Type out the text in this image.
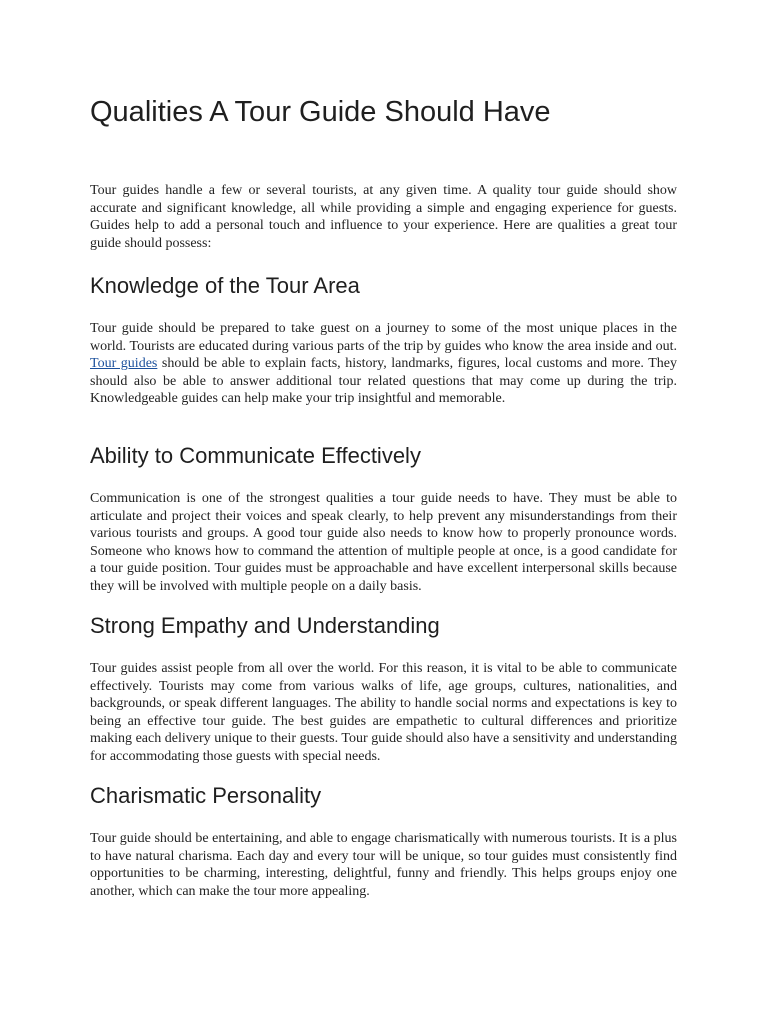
Qualities A Tour Guide Should Have

Tour guides handle a few or several tourists, at any given time. A quality tour guide should show accurate and significant knowledge, all while providing a simple and engaging experience for guests. Guides help to add a personal touch and influence to your experience. Here are qualities a great tour guide should possess:

Knowledge of the Tour Area

Tour guide should be prepared to take guest on a journey to some of the most unique places in the world. Tourists are educated during various parts of the trip by guides who know the area inside and out. Tour guides should be able to explain facts, history, landmarks, figures, local customs and more. They should also be able to answer additional tour related questions that may come up during the trip. Knowledgeable guides can help make your trip insightful and memorable.

Ability to Communicate Effectively

Communication is one of the strongest qualities a tour guide needs to have. They must be able to articulate and project their voices and speak clearly, to help prevent any misunderstandings from their various tourists and groups. A good tour guide also needs to know how to properly pronounce words. Someone who knows how to command the attention of multiple people at once, is a good candidate for a tour guide position. Tour guides must be approachable and have excellent interpersonal skills because they will be involved with multiple people on a daily basis.

Strong Empathy and Understanding

Tour guides assist people from all over the world. For this reason, it is vital to be able to communicate effectively. Tourists may come from various walks of life, age groups, cultures, nationalities, and backgrounds, or speak different languages. The ability to handle social norms and expectations is key to being an effective tour guide. The best guides are empathetic to cultural differences and prioritize making each delivery unique to their guests. Tour guide should also have a sensitivity and understanding for accommodating those guests with special needs.

Charismatic Personality

Tour guide should be entertaining, and able to engage charismatically with numerous tourists. It is a plus to have natural charisma. Each day and every tour will be unique, so tour guides must consistently find opportunities to be charming, interesting, delightful, funny and friendly. This helps groups enjoy one another, which can make the tour more appealing.
